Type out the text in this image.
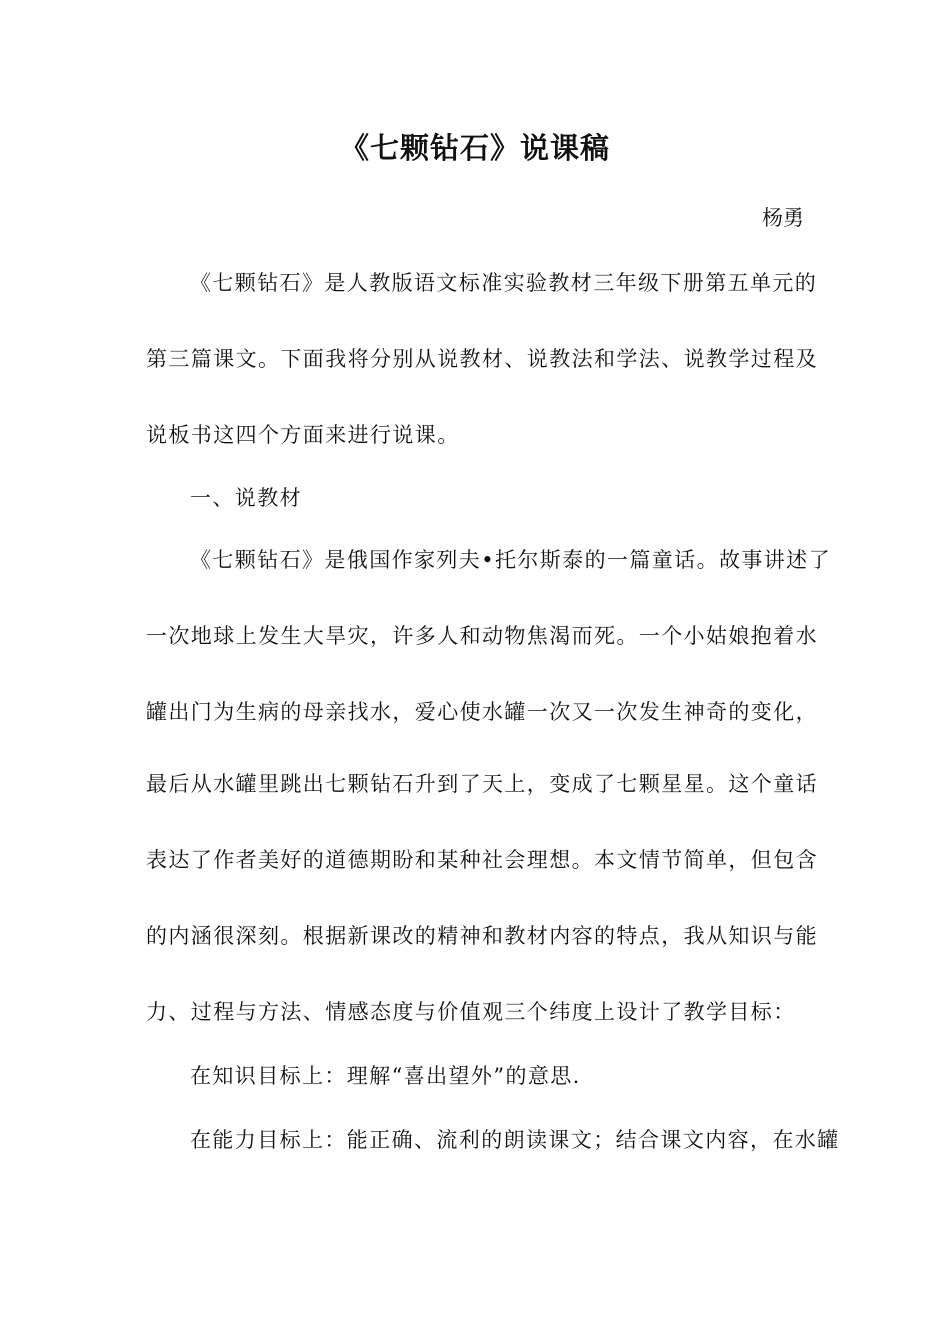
《七颗钻石》说课稿
杨勇
《七颗钻石》是人教版语文标准实验教材三年级下册第五单元的
第三篇课文。下面我将分别从说教材、说教法和学法、说教学过程及
说板书这四个方面来进行说课。
一、说教材
《七颗钻石》是俄国作家列夫•托尔斯泰的一篇童话。故事讲述了
一次地球上发生大旱灾，许多人和动物焦渴而死。一个小姑娘抱着水
罐出门为生病的母亲找水，爱心使水罐一次又一次发生神奇的变化，
最后从水罐里跳出七颗钻石升到了天上，变成了七颗星星。这个童话
表达了作者美好的道德期盼和某种社会理想。本文情节简单，但包含
的内涵很深刻。根据新课改的精神和教材内容的特点，我从知识与能
力、过程与方法、情感态度与价值观三个纬度上设计了教学目标：
在知识目标上：理解“喜出望外”的意思.
在能力目标上：能正确、流利的朗读课文；结合课文内容，在水罐
